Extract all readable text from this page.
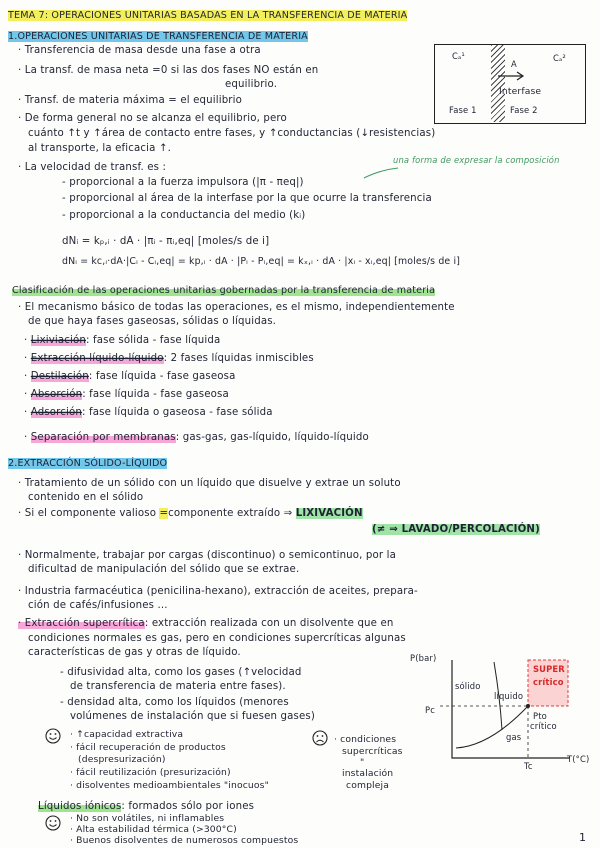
TEMA 7: OPERACIONES UNITARIAS BASADAS EN LA TRANSFERENCIA DE MATERIA
1.OPERACIONES UNITARIAS DE TRANSFERENCIA DE MATERIA
· Transferencia de masa desde una fase a otra
· La transf. de masa neta =0 si las dos fases NO están en
equilibrio.
· Transf. de materia máxima = el equilibrio
· De forma general no se alcanza el equilibrio, pero
cuánto ↑t y ↑área de contacto entre fases, y ↑conductancias (↓resistencias)
al transporte, la eficacia ↑.
· La velocidad de transf. es :
una forma de expresar la composición
- proporcional a la fuerza impulsora (|π - πeq|)
- proporcional al área de la interfase por la que ocurre la transferencia
- proporcional a la conductancia del medio (kᵢ)
dNᵢ = kₚ,ᵢ · dA · |πᵢ - πᵢ,eq| [moles/s de i]
dNᵢ = kc,ᵢ·dA·|Cᵢ - Cᵢ,eq| = kp,ᵢ · dA · |Pᵢ - Pᵢ,eq| = kₓ,ᵢ · dA · |xᵢ - xᵢ,eq| [moles/s de i]
Cₐ¹	Cₐ²
A
Interfase
Fase 1	Fase 2
Clasificación de las operaciones unitarias gobernadas por la transferencia de materia
· El mecanismo básico de todas las operaciones, es el mismo, independientemente
de que haya fases gaseosas, sólidas o líquidas.
· Lixiviación: fase sólida - fase líquida
· Extracción líquido-líquido: 2 fases líquidas inmiscibles
· Destilación: fase líquida - fase gaseosa
· Absorción: fase líquida - fase gaseosa
· Adsorción: fase líquida o gaseosa - fase sólida
· Separación por membranas: gas-gas, gas-líquido, líquido-líquido
2.EXTRACCIÓN SÓLIDO-LÍQUIDO
· Tratamiento de un sólido con un líquido que disuelve y extrae un soluto
contenido en el sólido
· Si el componente valioso =componente extraído ⇒ LIXIVACIÓN
(≠ ⇒ LAVADO/PERCOLACIÓN)
· Normalmente, trabajar por cargas (discontinuo) o semicontinuo, por la
dificultad de manipulación del sólido que se extrae.
· Industria farmacéutica (penicilina-hexano), extracción de aceites, prepara-
ción de cafés/infusiones ...
· Extracción supercrítica: extracción realizada con un disolvente que en
condiciones normales es gas, pero en condiciones supercríticas algunas
características de gas y otras de líquido.
- difusividad alta, como los gases (↑velocidad
de transferencia de materia entre fases).
- densidad alta, como los líquidos (menores
volúmenes de instalación que si fuesen gases)
· ↑capacidad extractiva
· fácil recuperación de productos
(despresurización)
· fácil reutilización (presurización)
· disolventes medioambientales "inocuos"
· condiciones
supercríticas
"
instalación
compleja
Líquidos iónicos: formados sólo por iones
· No son volátiles, ni inflamables
· Alta estabilidad térmica (>300°C)
· Buenos disolventes de numerosos compuestos
P(bar)
T(°C)
sólido
líquido
gas
SUPER
crítico
Pc
Tc
Pto
crítico
1
